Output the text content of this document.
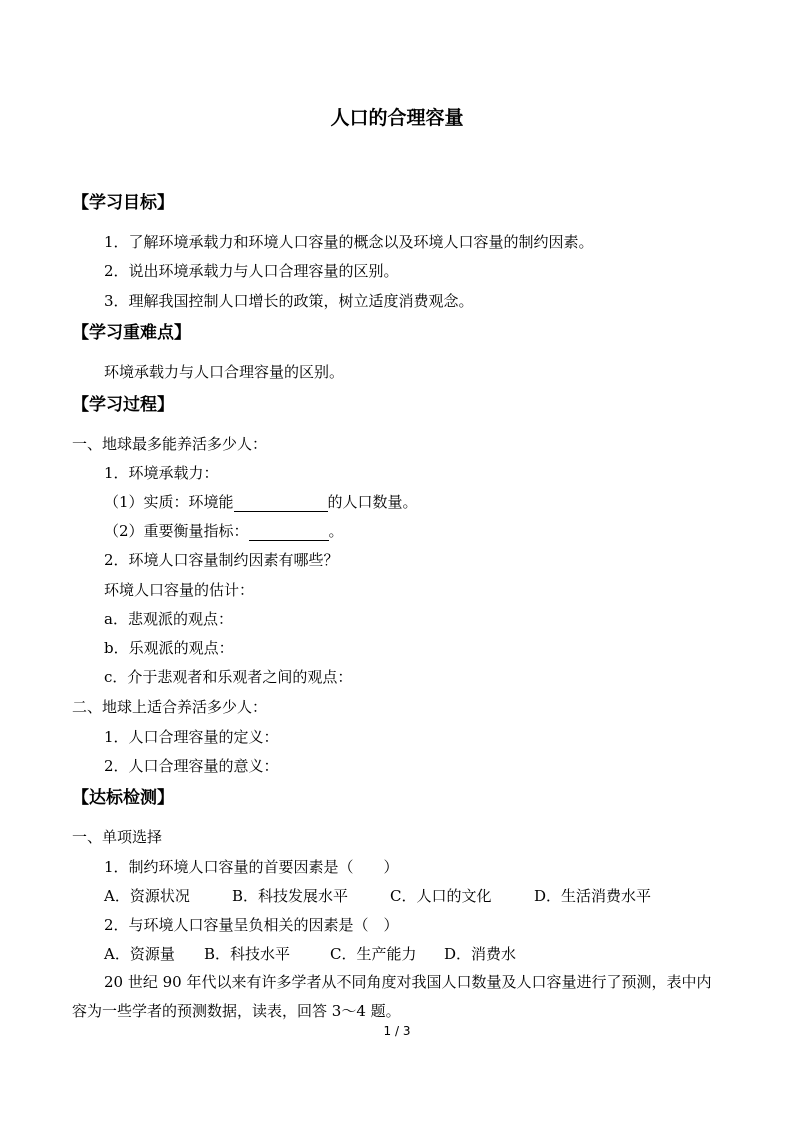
人口的合理容量
【学习目标】
1．了解环境承载力和环境人口容量的概念以及环境人口容量的制约因素。
2．说出环境承载力与人口合理容量的区别。
3．理解我国控制人口增长的政策，树立适度消费观念。
【学习重难点】
环境承载力与人口合理容量的区别。
【学习过程】
一、地球最多能养活多少人：
1．环境承载力：
（1）实质：环境能	的人口数量。
（2）重要衡量指标：	。
2．环境人口容量制约因素有哪些？
环境人口容量的估计：
a．悲观派的观点：
b．乐观派的观点：
c．介于悲观者和乐观者之间的观点：
二、地球上适合养活多少人：
1．人口合理容量的定义：
2．人口合理容量的意义：
【达标检测】
一、单项选择
1．制约环境人口容量的首要因素是（　　）
A．资源状况	B．科技发展水平	C．人口的文化	D．生活消费水平
2．与环境人口容量呈负相关的因素是（　）
A．资源量 B．科技水平	C．生产能力 D．消费水
20 世纪 90 年代以来有许多学者从不同角度对我国人口数量及人口容量进行了预测，表中内容为一些学者的预测数据，读表，回答 3～4 题。
1 / 3
